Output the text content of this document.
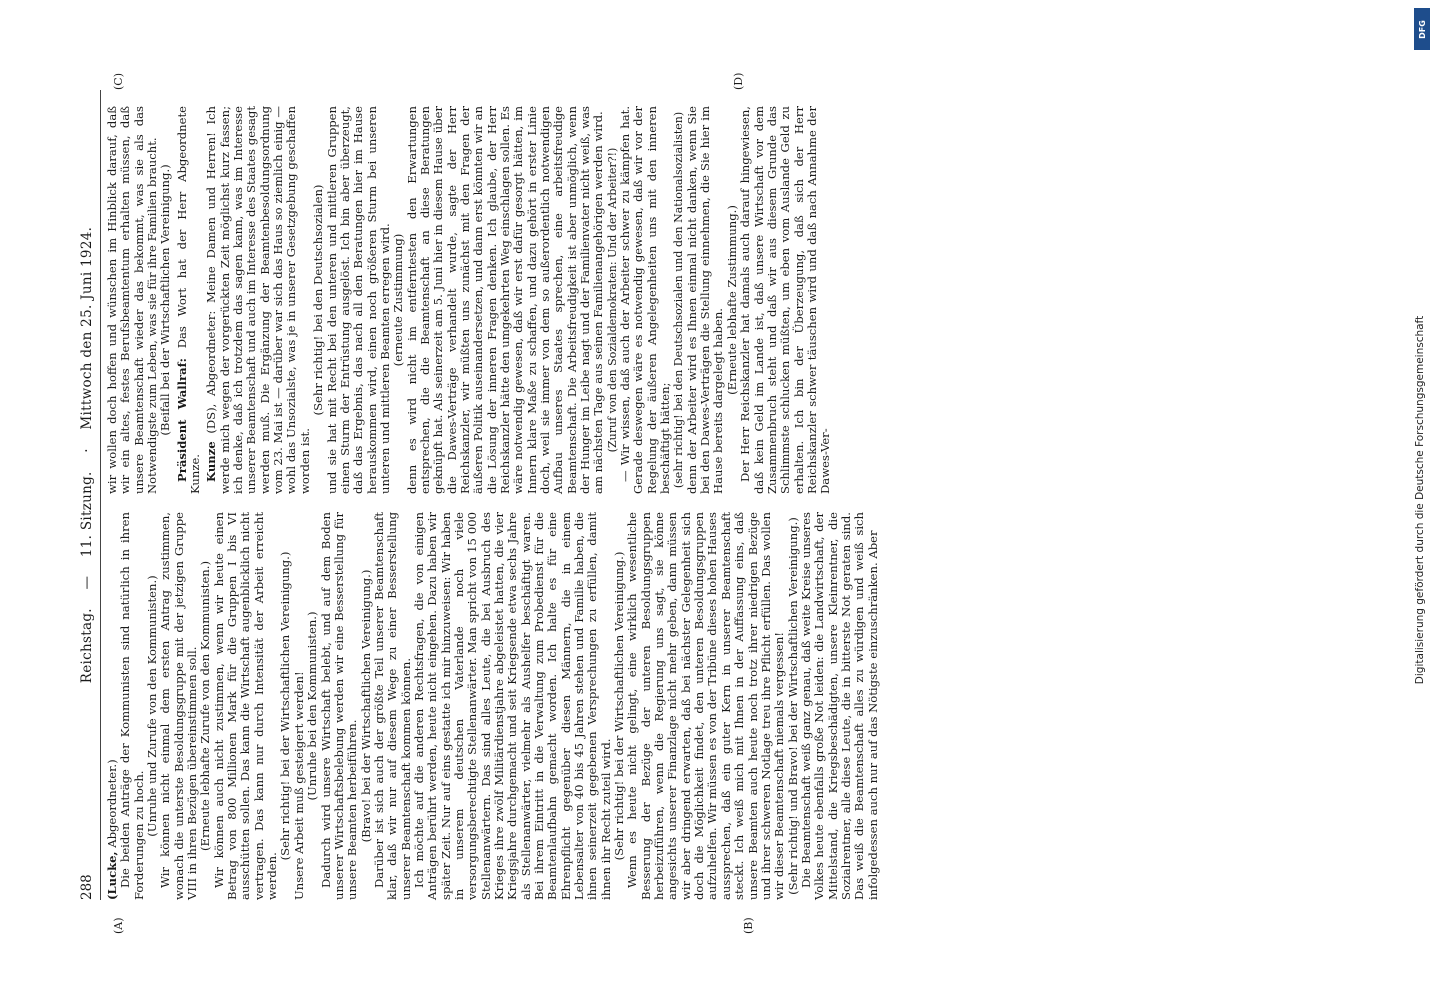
288
Reichstag. — 11. Sitzung. · Mittwoch den 25. Juni 1924.
(A)	(B)
(C)	(D)

(Lucke, Abgeordneter.) Die beiden Anträge der Kommunisten sind natürlich in ihren Forderungen zu hoch. (Unruhe und Zurufe von den Kommunisten.) Wir können nicht einmal dem ersten Antrag zustimmen, wonach die unterste Besoldungsgruppe mit der jetzigen Gruppe VIII in ihren Bezügen übereinstimmen soll. (Erneute lebhafte Zurufe von den Kommunisten.) Wir können auch nicht zustimmen, wenn wir heute einen Betrag von 800 Millionen Mark für die Gruppen I bis VI ausschütten sollen. Das kann die Wirtschaft augenblicklich nicht vertragen. Das kann nur durch Intensität der Arbeit erreicht werden.

(Sehr richtig! bei der Wirtschaftlichen Vereinigung.) Unsere Arbeit muß gesteigert werden! (Unruhe bei den Kommunisten.) Dadurch wird unsere Wirtschaft belebt, und auf dem Boden unserer Wirtschaftsbelebung werden wir eine Besserstellung für unsere Beamten herbeiführen. (Bravo! bei der Wirtschaftlichen Vereinigung.) Darüber ist sich auch der größte Teil unserer Beamtenschaft klar, daß wir nur auf diesem Wege zu einer Besserstellung unserer Beamtenschaft kommen können. Ich möchte auf die anderen Rechtsfragen, die von einigen Anträgen berührt werden, heute nicht eingehen. Dazu haben wir später Zeit. Nur auf eins gestatte ich mir hinzuweisen: Wir haben in unserem deutschen Vaterlande noch viele versorgungsberechtigte Stellenanwärter. Man spricht von 15 000 Stellenanwärtern. Das sind alles Leute, die bei Ausbruch des Krieges ihre zwölf Militärdienstjahre abgeleistet hatten, die vier Kriegsjahre durchgemacht und seit Kriegsende etwa sechs Jahre als Stellenanwärter, vielmehr als Aushelfer beschäftigt waren. Bei ihrem Eintritt in die Verwaltung zum Probedienst für die Beamtenlaufbahn gemacht worden. Ich halte es für eine Ehrenpflicht gegenüber diesen Männern, die in einem Lebensalter von 40 bis 45 Jahren stehen und Familie haben, die ihnen seinerzeit gegebenen Versprechungen zu erfüllen, damit ihnen ihr Recht zuteil wird. (Sehr richtig! bei der Wirtschaftlichen Vereinigung.) Wenn es heute nicht gelingt, eine wirklich wesentliche Besserung der Bezüge der unteren Besoldungsgruppen herbeizuführen, wenn die Regierung uns sagt, sie könne angesichts unserer Finanzlage nicht mehr geben, dann müssen wir aber dringend erwarten, daß bei nächster Gelegenheit sich doch die Möglichkeit findet, den unteren Besoldungsgruppen aufzuhelfen. Wir müssen es von der Tribüne dieses hohen Hauses aussprechen, daß ein guter Kern in unserer Beamtenschaft steckt. Ich weiß mich mit Ihnen in der Auffassung eins, daß unsere Beamten auch heute noch trotz ihrer niedrigen Bezüge und ihrer schweren Notlage treu ihre Pflicht erfüllen. Das wollen wir dieser Beamtenschaft niemals vergessen! (Sehr richtig! und Bravo! bei der Wirtschaftlichen Vereinigung.) Die Beamtenschaft weiß ganz genau, daß weite Kreise unseres Volkes heute ebenfalls große Not leiden: die Landwirtschaft, der Mittelstand, die Kriegsbeschädigten, unsere Kleinrentner, die Sozialrentner, alle diese Leute, die in bitterste Not geraten sind. Das weiß die Beamtenschaft alles zu würdigen und weiß sich infolgedessen auch nur auf das Nötigste einzuschränken. Aber

wir wollen doch hoffen und wünschen im Hinblick darauf, daß wir ein altes, festes Berufsbeamtentum erhalten müssen, daß unsere Beamtenschaft wieder das bekommt, was sie als das Notwendigste zum Leben, was sie für ihre Familien braucht. (Beifall bei der Wirtschaftlichen Vereinigung.) Präsident Wallraf: Das Wort hat der Herr Abgeordnete Kunze. Kunze (DS), Abgeordneter: Meine Damen und Herren! Ich werde mich wegen der vorgerückten Zeit möglichst kurz fassen; ich denke, daß ich trotzdem das sagen kann, was im Interesse unserer Beamtenschaft und auch im Interesse des Staates gesagt werden muß. Die Ergänzung der Beamtenbesoldungsordnung vom 23. Mai ist — darüber war sich das Haus so ziemlich einig — wohl das Unsozialste, was je in unserer Gesetzgebung geschaffen worden ist.

(Sehr richtig! bei den Deutschsozialen) und sie hat mit Recht bei den unteren und mittleren Gruppen einen Sturm der Entrüstung ausgelöst. Ich bin aber überzeugt, daß das Ergebnis, das nach all den Beratungen hier im Hause herauskommen wird, einen noch größeren Sturm bei unseren unteren und mittleren Beamten erregen wird. (erneute Zustimmung) denn es wird nicht im entferntesten den Erwartungen entsprechen, die die Beamtenschaft an diese Beratungen geknüpft hat. Als seinerzeit am 5. Juni hier in diesem Hause über die Dawes-Verträge verhandelt wurde, sagte der Herr Reichskanzler, wir müßten uns zunächst mit den Fragen der äußeren Politik auseinandersetzen, und dann erst könnten wir an die Lösung der inneren Fragen denken. Ich glaube, der Herr Reichskanzler hätte den umgekehrten Weg einschlagen sollen. Es wäre notwendig gewesen, daß wir erst dafür gesorgt hätten, im Innern klare Maße zu schaffen, und dazu gehört in erster Linie doch, weil sie immer von dem so außerordentlich notwendigen Aufbau unseres Staates sprechen, eine arbeitsfreudige Beamtenschaft. Die Arbeitsfreudigkeit ist aber unmöglich, wenn der Hunger im Leibe nagt und der Familienvater nicht weiß, was am nächsten Tage aus seinen Familienangehörigen werden wird. (Zuruf von den Sozialdemokraten: Und der Arbeiter?!) — Wir wissen, daß auch der Arbeiter schwer zu kämpfen hat. Gerade deswegen wäre es notwendig gewesen, daß wir vor der Regelung der äußeren Angelegenheiten uns mit den inneren beschäftigt hätten; (sehr richtig! bei den Deutschsozialen und den Nationalsozialisten) denn der Arbeiter wird es Ihnen einmal nicht danken, wenn Sie bei den Dawes-Verträgen die Stellung einnehmen, die Sie hier im Hause bereits dargelegt haben.

(Erneute lebhafte Zustimmung.) Der Herr Reichskanzler hat damals auch darauf hingewiesen, daß kein Geld im Lande ist, daß unsere Wirtschaft vor dem Zusammenbruch steht und daß wir aus diesem Grunde das Schlimmste schlucken müßten, um eben vom Auslande Geld zu erhalten. Ich bin der Überzeugung, daß sich der Herr Reichskanzler schwer täuschen wird und daß nach Annahme der Dawes-Ver-

DFG
Digitalisierung gefördert durch die Deutsche Forschungsgemeinschaft
